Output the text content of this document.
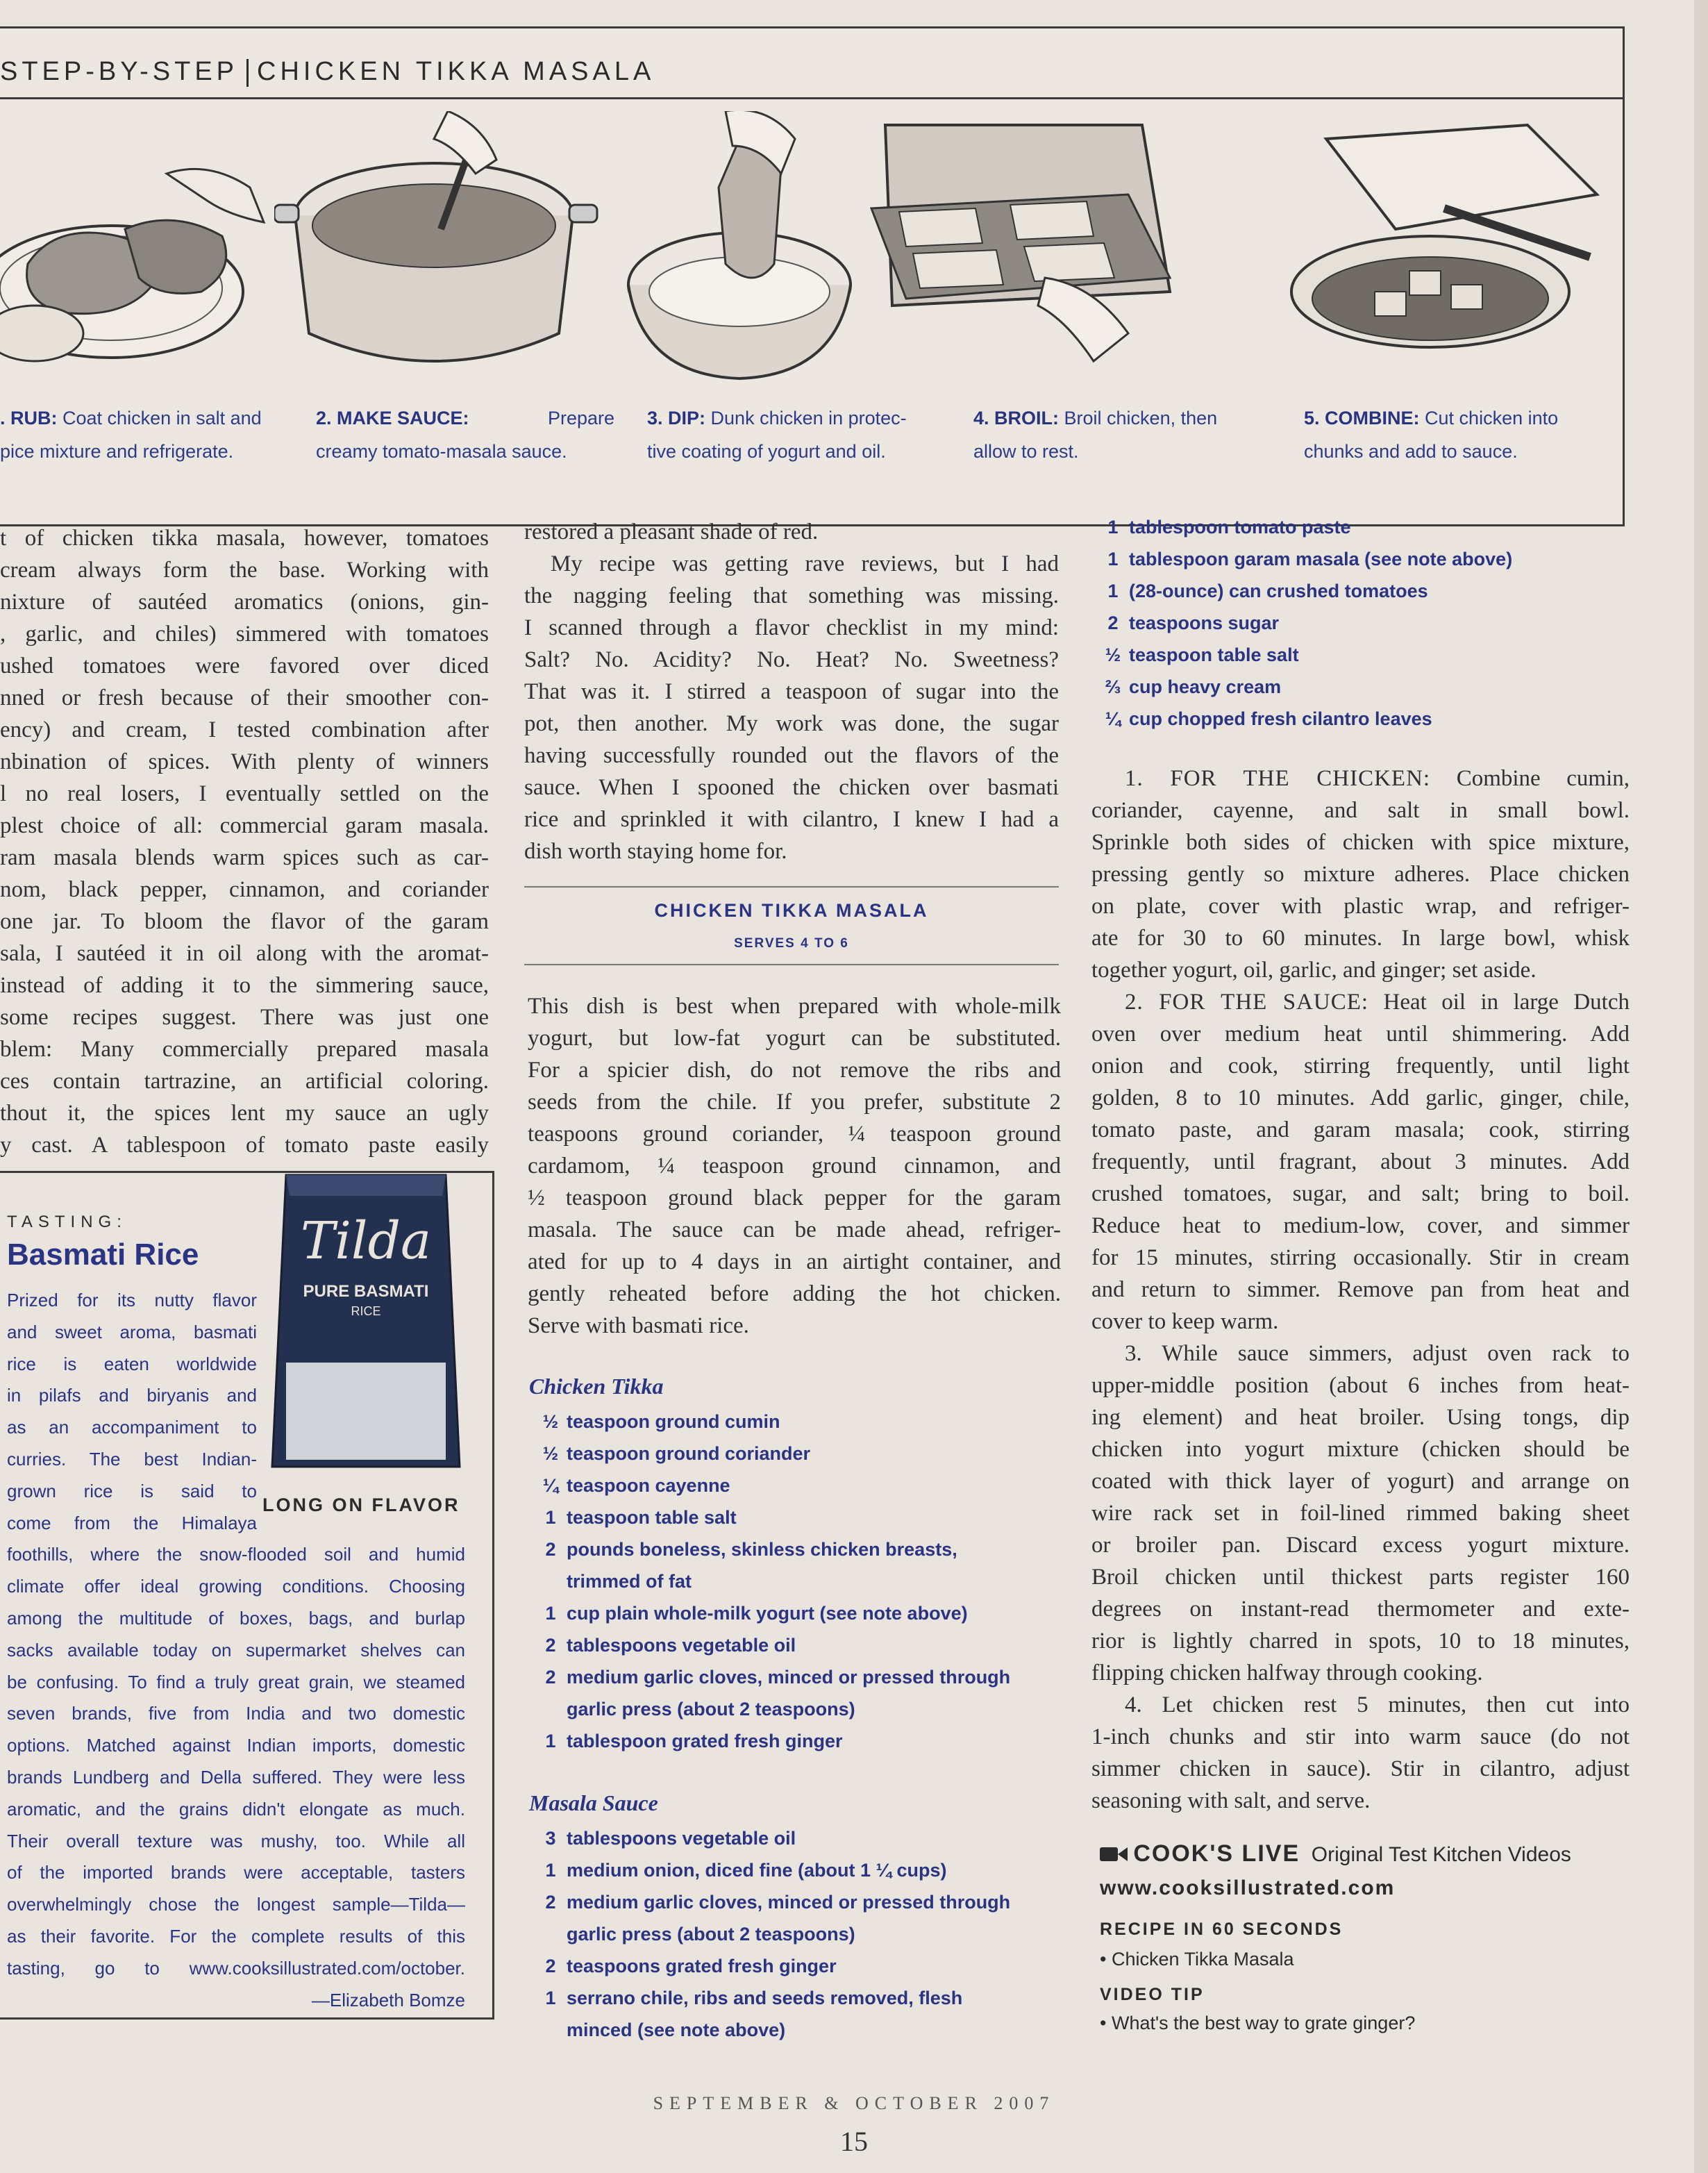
STEP-BY-STEP CHICKEN TIKKA MASALA
. RUB: Coat chicken in salt and
pice mixture and refrigerate.
2. MAKE SAUCE:	Prepare
creamy tomato-masala sauce.
3. DIP: Dunk chicken in protec-
tive coating of yogurt and oil.
4. BROIL: Broil chicken, then
allow to rest.
5. COMBINE: Cut chicken into
chunks and add to sauce.

t of chicken tikka masala, however, tomatoes

cream always form the base. Working with

nixture of sautéed aromatics (onions, gin-

, garlic, and chiles) simmered with tomatoes

ushed tomatoes were favored over diced

nned or fresh because of their smoother con-

ency) and cream, I tested combination after

nbination of spices. With plenty of winners

l no real losers, I eventually settled on the

plest choice of all: commercial garam masala.

ram masala blends warm spices such as car-

nom, black pepper, cinnamon, and coriander

one jar. To bloom the flavor of the garam

sala, I sautéed it in oil along with the aromat-

instead of adding it to the simmering sauce,

some recipes suggest. There was just one

blem: Many commercially prepared masala

ces contain tartrazine, an artificial coloring.

thout it, the spices lent my sauce an ugly

y cast. A tablespoon of tomato paste easily

restored a pleasant shade of red.

My recipe was getting rave reviews, but I had

the nagging feeling that something was missing.

I scanned through a flavor checklist in my mind:

Salt? No. Acidity? No. Heat? No. Sweetness?

That was it. I stirred a teaspoon of sugar into the

pot, then another. My work was done, the sugar

having successfully rounded out the flavors of the

sauce. When I spooned the chicken over basmati

rice and sprinkled it with cilantro, I knew I had a

dish worth staying home for.

CHICKEN TIKKA MASALA
SERVES 4 TO 6

This dish is best when prepared with whole-milk

yogurt, but low-fat yogurt can be substituted.

For a spicier dish, do not remove the ribs and

seeds from the chile. If you prefer, substitute 2

teaspoons ground coriander, ¼ teaspoon ground

cardamom, ¼ teaspoon ground cinnamon, and

½ teaspoon ground black pepper for the garam

masala. The sauce can be made ahead, refriger-

ated for up to 4 days in an airtight container, and

gently reheated before adding the hot chicken.

Serve with basmati rice.

Chicken Tikka
½ teaspoon ground cumin
½ teaspoon ground coriander
¼ teaspoon cayenne
1 teaspoon table salt
2 pounds boneless, skinless chicken breasts,
trimmed of fat
1 cup plain whole-milk yogurt (see note above)
2 tablespoons vegetable oil
2 medium garlic cloves, minced or pressed through
garlic press (about 2 teaspoons)
1 tablespoon grated fresh ginger
Masala Sauce
3 tablespoons vegetable oil
1 medium onion, diced fine (about 1 ¼ cups)
2 medium garlic cloves, minced or pressed through
garlic press (about 2 teaspoons)
2 teaspoons grated fresh ginger
1 serrano chile, ribs and seeds removed, flesh
minced (see note above)
1 tablespoon tomato paste
1 tablespoon garam masala (see note above)
1 (28-ounce) can crushed tomatoes
2 teaspoons sugar
½ teaspoon table salt
⅔ cup heavy cream
¼ cup chopped fresh cilantro leaves

1. FOR THE CHICKEN: Combine cumin,

coriander, cayenne, and salt in small bowl.

Sprinkle both sides of chicken with spice mixture,

pressing gently so mixture adheres. Place chicken

on plate, cover with plastic wrap, and refriger-

ate for 30 to 60 minutes. In large bowl, whisk

together yogurt, oil, garlic, and ginger; set aside.

2. FOR THE SAUCE: Heat oil in large Dutch

oven over medium heat until shimmering. Add

onion and cook, stirring frequently, until light

golden, 8 to 10 minutes. Add garlic, ginger, chile,

tomato paste, and garam masala; cook, stirring

frequently, until fragrant, about 3 minutes. Add

crushed tomatoes, sugar, and salt; bring to boil.

Reduce heat to medium-low, cover, and simmer

for 15 minutes, stirring occasionally. Stir in cream

and return to simmer. Remove pan from heat and

cover to keep warm.

3. While sauce simmers, adjust oven rack to

upper-middle position (about 6 inches from heat-

ing element) and heat broiler. Using tongs, dip

chicken into yogurt mixture (chicken should be

coated with thick layer of yogurt) and arrange on

wire rack set in foil-lined rimmed baking sheet

or broiler pan. Discard excess yogurt mixture.

Broil chicken until thickest parts register 160

degrees on instant-read thermometer and exte-

rior is lightly charred in spots, 10 to 18 minutes,

flipping chicken halfway through cooking.

4. Let chicken rest 5 minutes, then cut into

1-inch chunks and stir into warm sauce (do not

simmer chicken in sauce). Stir in cilantro, adjust

seasoning with salt, and serve.

COOK'S LIVE Original Test Kitchen Videos
www.cooksillustrated.com
RECIPE IN 60 SECONDS
• Chicken Tikka Masala
VIDEO TIP
• What's the best way to grate ginger?
Tilda
PURE BASMATI
RICE
LONG ON FLAVOR
TASTING:
Basmati Rice
Prized for its nutty flavor
and sweet aroma, basmati
rice is eaten worldwide
in pilafs and biryanis and
as an accompaniment to
curries. The best Indian-
grown rice is said to
come from the Himalaya
foothills, where the snow-flooded soil and humid
climate offer ideal growing conditions. Choosing
among the multitude of boxes, bags, and burlap
sacks available today on supermarket shelves can
be confusing. To find a truly great grain, we steamed
seven brands, five from India and two domestic
options. Matched against Indian imports, domestic
brands Lundberg and Della suffered. They were less
aromatic, and the grains didn't elongate as much.
Their overall texture was mushy, too. While all
of the imported brands were acceptable, tasters
overwhelmingly chose the longest sample—Tilda—
as their favorite. For the complete results of this
tasting, go to www.cooksillustrated.com/october.
—Elizabeth Bomze
SEPTEMBER & OCTOBER 2007
15
